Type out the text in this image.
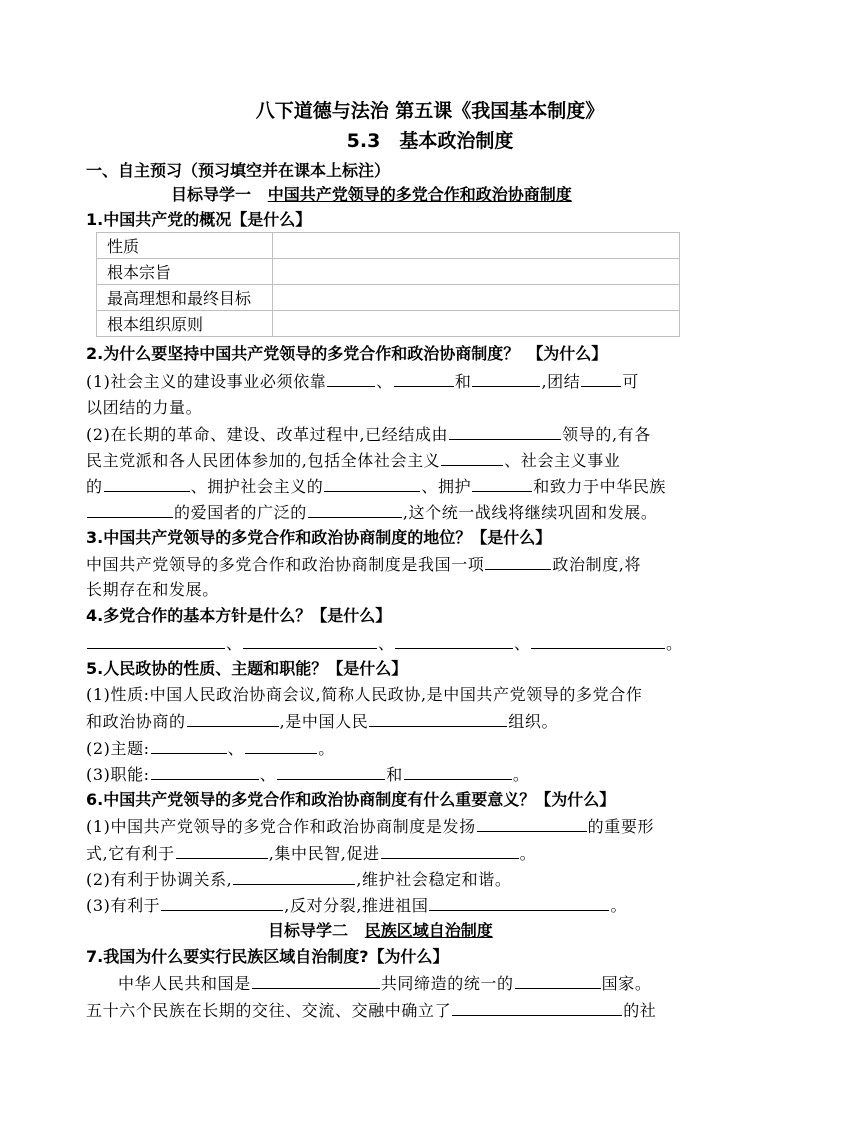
八下道德与法治 第五课《我国基本制度》
5.3　基本政治制度
一、自主预习（预习填空并在课本上标注）
目标导学一 中国共产党领导的多党合作和政治协商制度
1.中国共产党的概况【是什么】
性质	
根本宗旨	
最高理想和最终目标	
根本组织原则	
2.为什么要坚持中国共产党领导的多党合作和政治协商制度？　【为什么】
(1)社会主义的建设事业必须依靠	、	和	,团结	可
以团结的力量。
(2)在长期的革命、建设、改革过程中,已经结成由	领导的,有各
民主党派和各人民团体参加的,包括全体社会主义	、社会主义事业
的	、拥护社会主义的	、拥护	和致力于中华民族
的爱国者的广泛的	,这个统一战线将继续巩固和发展。
3.中国共产党领导的多党合作和政治协商制度的地位？【是什么】
中国共产党领导的多党合作和政治协商制度是我国一项	政治制度,将
长期存在和发展。
4.多党合作的基本方针是什么？【是什么】
、	、	、	。
5.人民政协的性质、主题和职能？【是什么】
(1)性质:中国人民政治协商会议,简称人民政协,是中国共产党领导的多党合作
和政治协商的	,是中国人民	组织。
(2)主题:	、	。
(3)职能:	、	和	。
6.中国共产党领导的多党合作和政治协商制度有什么重要意义？【为什么】
(1)中国共产党领导的多党合作和政治协商制度是发扬	的重要形
式,它有利于	,集中民智,促进	。
(2)有利于协调关系,	,维护社会稳定和谐。
(3)有利于	,反对分裂,推进祖国	。
目标导学二 民族区域自治制度
7.我国为什么要实行民族区域自治制度?【为什么】
中华人民共和国是	共同缔造的统一的	国家。
五十六个民族在长期的交往、交流、交融中确立了	的社
